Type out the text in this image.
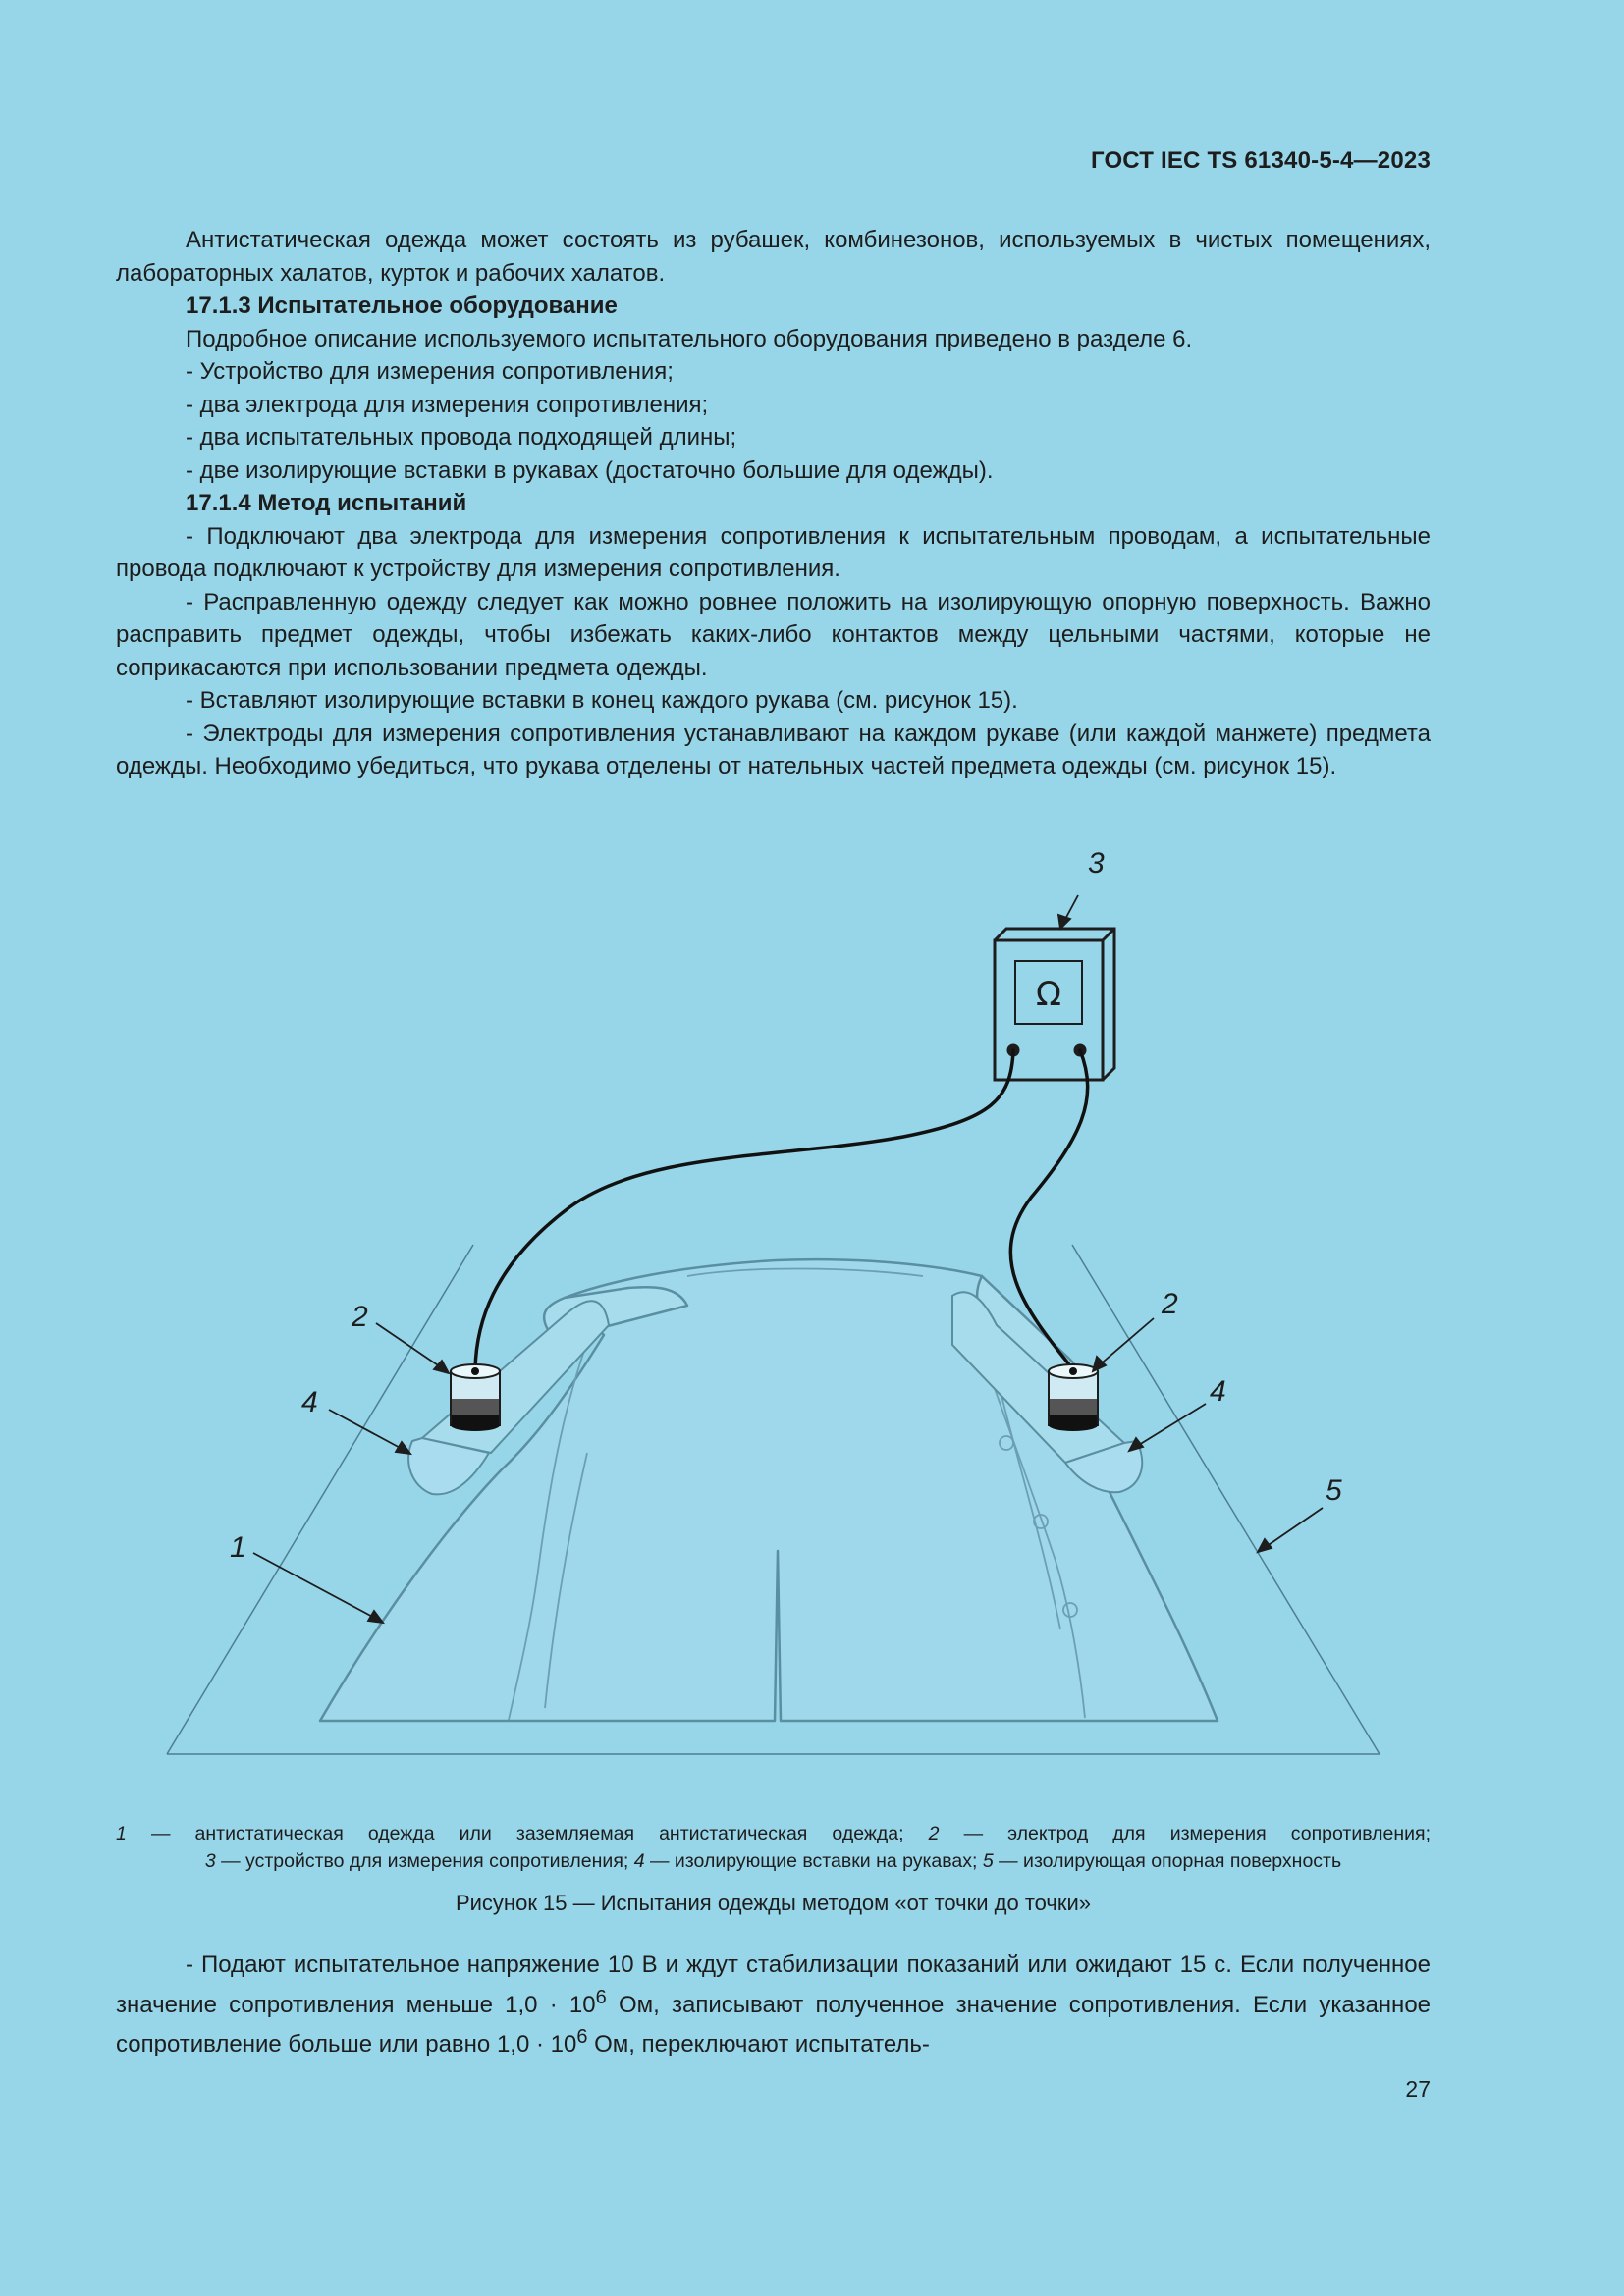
ГОСТ IEC TS 61340-5-4—2023

Антистатическая одежда может состоять из рубашек, комбинезонов, используемых в чистых помещениях, лабораторных халатов, курток и рабочих халатов.

17.1.3 Испытательное оборудование

Подробное описание используемого испытательного оборудования приведено в разделе 6.

- Устройство для измерения сопротивления;

- два электрода для измерения сопротивления;

- два испытательных провода подходящей длины;

- две изолирующие вставки в рукавах (достаточно большие для одежды).

17.1.4 Метод испытаний

- Подключают два электрода для измерения сопротивления к испытательным проводам, а испытательные провода подключают к устройству для измерения сопротивления.

- Расправленную одежду следует как можно ровнее положить на изолирующую опорную поверхность. Важно расправить предмет одежды, чтобы избежать каких-либо контактов между цельными частями, которые не соприкасаются при использовании предмета одежды.

- Вставляют изолирующие вставки в конец каждого рукава (см. рисунок 15).

- Электроды для измерения сопротивления устанавливают на каждом рукаве (или каждой манжете) предмета одежды. Необходимо убедиться, что рукава отделены от нательных частей предмета одежды (см. рисунок 15).

Ω
3
2	2
4	4
1
5
1 — антистатическая одежда или заземляемая антистатическая одежда; 2 — электрод для измерения сопротивления;
3 — устройство для измерения сопротивления; 4 — изолирующие вставки на рукавах; 5 — изолирующая опорная поверхность
Рисунок 15 — Испытания одежды методом «от точки до точки»

- Подают испытательное напряжение 10 В и ждут стабилизации показаний или ожидают 15 с. Если полученное значение сопротивления меньше $1,0 \cdot 10^6$ Ом, записывают полученное значение сопротивления. Если указанное сопротивление больше или равно $1,0 \cdot 10^6$ Ом, переключают испытатель-

27
